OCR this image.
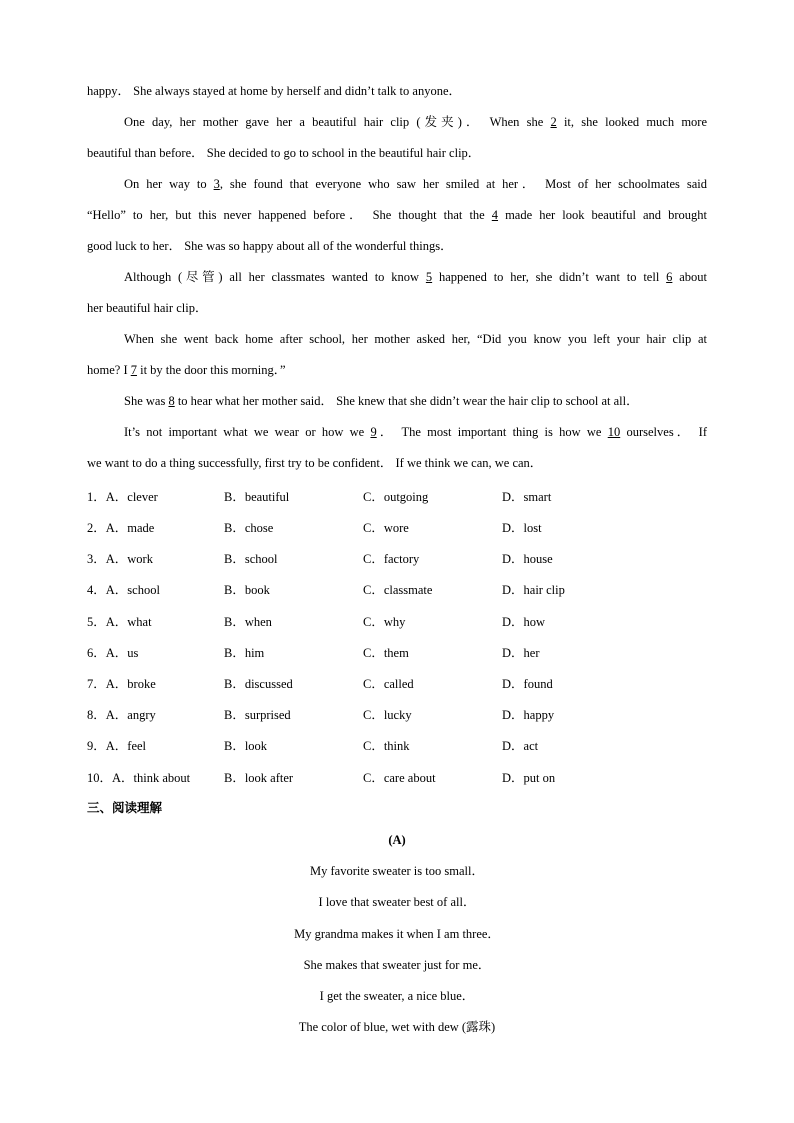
happy． She always stayed at home by herself and didn’t talk to anyone．
One day, her mother gave her a beautiful hair clip (发夹)． When she 2 it, she looked much more
beautiful than before． She decided to go to school in the beautiful hair clip．
On her way to 3, she found that everyone who saw her smiled at her． Most of her schoolmates said
“Hello” to her, but this never happened before． She thought that the 4 made her look beautiful and brought
good luck to her． She was so happy about all of the wonderful things．
Although (尽管) all her classmates wanted to know 5 happened to her, she didn’t want to tell 6 about
her beautiful hair clip．
When she went back home after school, her mother asked her, “Did you know you left your hair clip at
home? I 7 it by the door this morning．”
She was 8 to hear what her mother said． She knew that she didn’t wear the hair clip to school at all．
It’s not important what we wear or how we 9． The most important thing is how we 10 ourselves． If
we want to do a thing successfully, first try to be confident． If we think we can, we can．
1．A．clever	B．beautiful	C．outgoing	D．smart
2．A．made	B．chose	C．wore	D．lost
3．A．work	B．school	C．factory	D．house
4．A．school	B．book	C．classmate	D．hair clip
5．A．what	B．when	C．why	D．how
6．A．us	B．him	C．them	D．her
7．A．broke	B．discussed	C．called	D．found
8．A．angry	B．surprised	C．lucky	D．happy
9．A．feel	B．look	C．think	D．act
10．A．think about	B．look after	C．care about	D．put on
三、阅读理解
(A)
My favorite sweater is too small．
I love that sweater best of all．
My grandma makes it when I am three．
She makes that sweater just for me．
I get the sweater, a nice blue．
The color of blue, wet with dew (露珠)
